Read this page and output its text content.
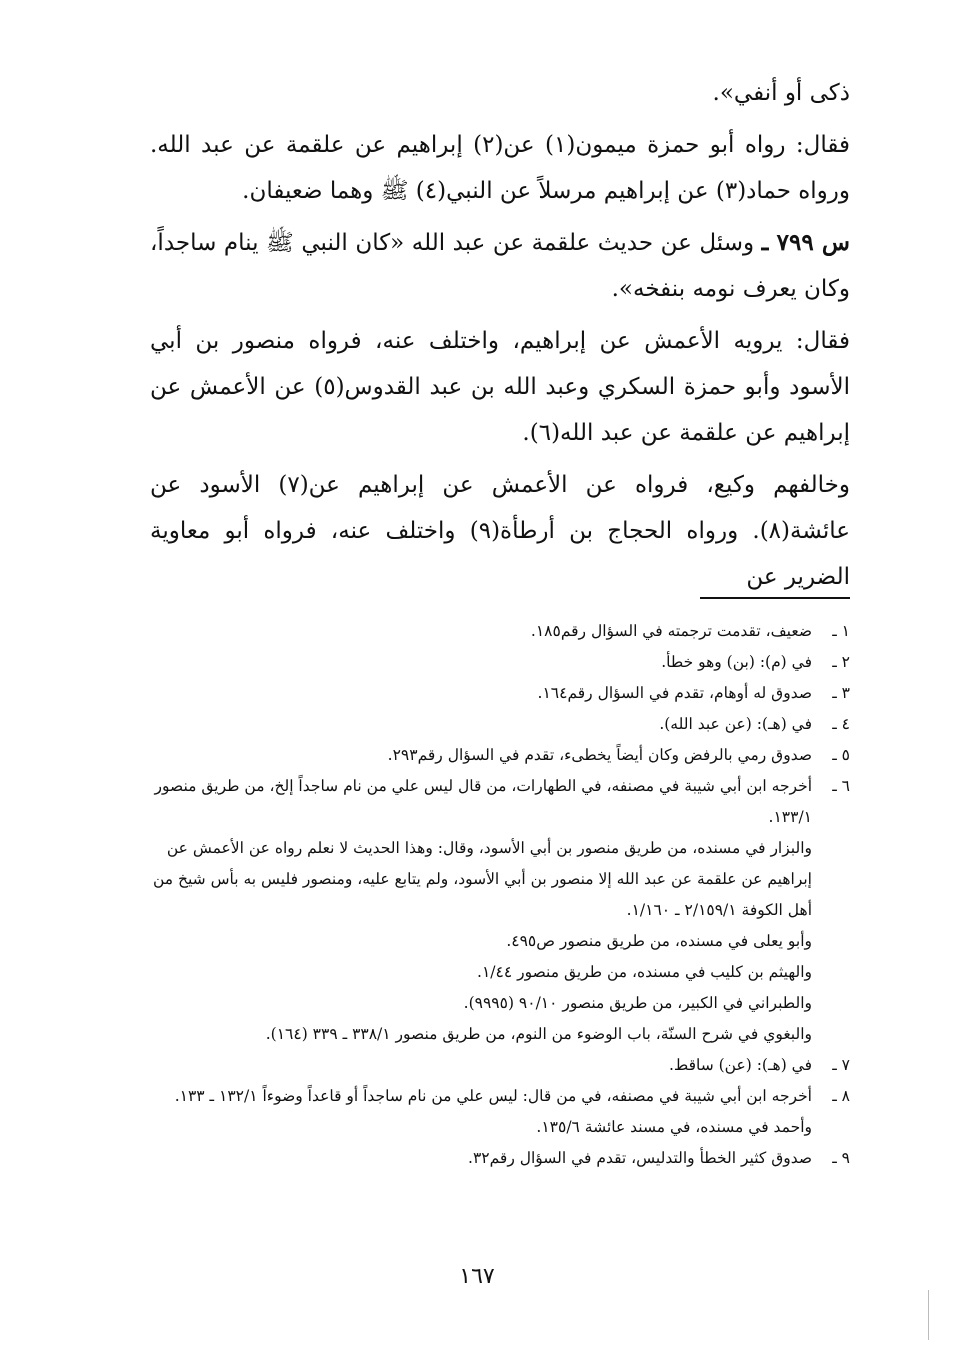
ذكى أو أنفي».

فقال: رواه أبو حمزة ميمون(١) عن(٢) إبراهيم عن علقمة عن عبد الله. ورواه حماد(٣) عن إبراهيم مرسلاً عن النبي(٤) ﷺ وهما ضعيفان.

س ٧٩٩ ـ وسئل عن حديث علقمة عن عبد الله «كان النبي ﷺ ينام ساجداً، وكان يعرف نومه بنفخه».

فقال: يرويه الأعمش عن إبراهيم، واختلف عنه، فرواه منصور بن أبي الأسود وأبو حمزة السكري وعبد الله بن عبد القدوس(٥) عن الأعمش عن إبراهيم عن علقمة عن عبد الله(٦).

وخالفهم وكيع، فرواه عن الأعمش عن إبراهيم عن(٧) الأسود عن عائشة(٨). ورواه الحجاج بن أرطأة(٩) واختلف عنه، فرواه أبو معاوية الضرير عن

١ ـ
ضعيف، تقدمت ترجمته في السؤال رقم١٨٥.
٢ ـ
في (م): (بن) وهو خطأ.
٣ ـ
صدوق له أوهام، تقدم في السؤال رقم١٦٤.
٤ ـ
في (هـ): (عن عبد الله).
٥ ـ
صدوق رمي بالرفض وكان أيضاً يخطىء، تقدم في السؤال رقم٢٩٣.
٦ ـ
أخرجه ابن أبي شيبة في مصنفه، في الطهارات، من قال ليس علي من نام ساجداً إلخ، من طريق منصور ١٣٣/١.
والبزار في مسنده، من طريق منصور بن أبي الأسود، وقال: وهذا الحديث لا نعلم رواه عن الأعمش عن إبراهيم عن علقمة عن عبد الله إلا منصور بن أبي الأسود، ولم يتابع عليه، ومنصور فليس به بأس شيخ من أهل الكوفة ٢/١٥٩/١ ـ ١/١٦٠.
وأبو يعلى في مسنده، من طريق منصور ص٤٩٥.
والهيثم بن كليب في مسنده، من طريق منصور ١/٤٤.
والطبراني في الكبير، من طريق منصور ٩٠/١٠ (٩٩٩٥).
والبغوي في شرح السنّة، باب الوضوء من النوم، من طريق منصور ٣٣٨/١ ـ ٣٣٩ (١٦٤).
٧ ـ
في (هـ): (عن) ساقط.
٨ ـ
أخرجه ابن أبي شيبة في مصنفه، في من قال: ليس علي من نام ساجداً أو قاعداً وضوءاً ١٣٢/١ ـ ١٣٣.
وأحمد في مسنده، في مسند عائشة ١٣٥/٦.
٩ ـ
صدوق كثير الخطأ والتدليس، تقدم في السؤال رقم٣٢.
١٦٧
